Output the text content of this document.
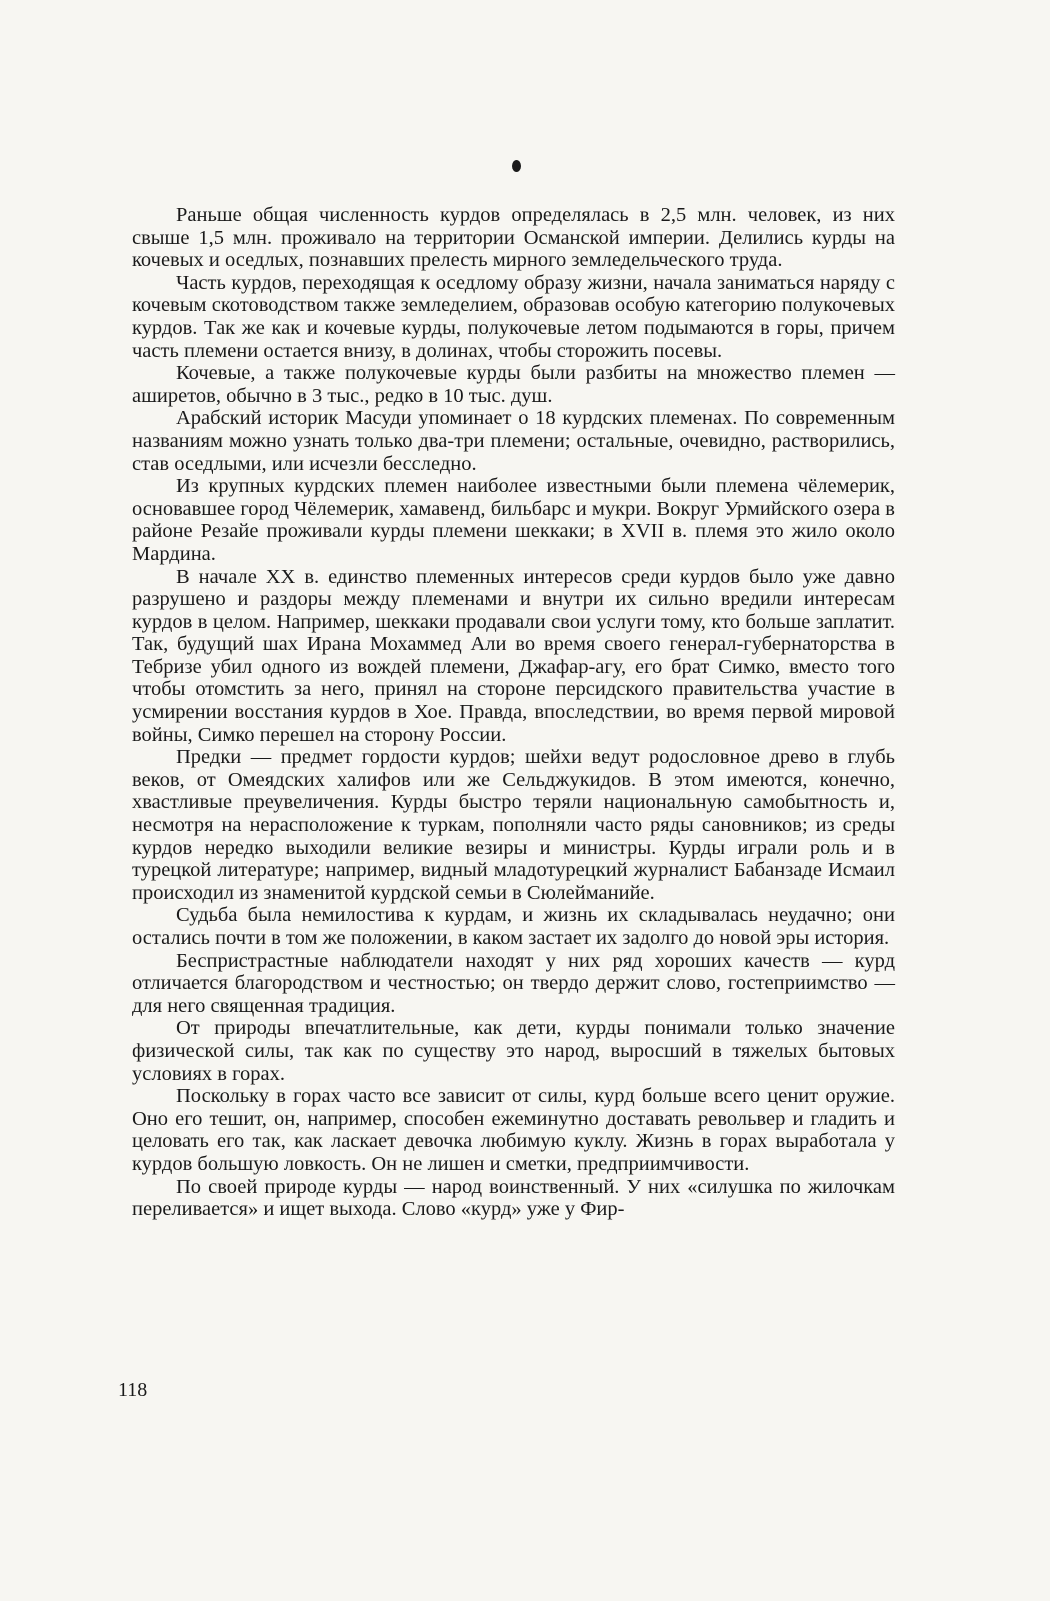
Раньше общая численность курдов определялась в 2,5 млн. человек, из них свыше 1,5 млн. проживало на территории Османской империи. Делились курды на кочевых и оседлых, познавших прелесть мирного земледельческого труда.

Часть курдов, переходящая к оседлому образу жизни, начала заниматься наряду с кочевым скотоводством также земледелием, образовав особую категорию полукочевых курдов. Так же как и кочевые курды, полукочевые летом подымаются в горы, причем часть племени остается внизу, в долинах, чтобы сторожить посевы.

Кочевые, а также полукочевые курды были разбиты на множество племен — аширетов, обычно в 3 тыс., редко в 10 тыс. душ.

Арабский историк Масуди упоминает о 18 курдских племенах. По современным названиям можно узнать только два-три племени; остальные, очевидно, растворились, став оседлыми, или исчезли бесследно.

Из крупных курдских племен наиболее известными были племена чёлемерик, основавшее город Чёлемерик, хамавенд, бильбарс и мукри. Вокруг Урмийского озера в районе Резайе проживали курды племени шеккаки; в XVII в. племя это жило около Мардина.

В начале XX в. единство племенных интересов среди курдов было уже давно разрушено и раздоры между племенами и внутри их сильно вредили интересам курдов в целом. Например, шеккаки продавали свои услуги тому, кто больше заплатит. Так, будущий шах Ирана Мохаммед Али во время своего генерал-губернаторства в Тебризе убил одного из вождей племени, Джафар-агу, его брат Симко, вместо того чтобы отомстить за него, принял на стороне персидского правительства участие в усмирении восстания курдов в Хое. Правда, впоследствии, во время первой мировой войны, Симко перешел на сторону России.

Предки — предмет гордости курдов; шейхи ведут родословное древо в глубь веков, от Омеядских халифов или же Сельджукидов. В этом имеются, конечно, хвастливые преувеличения. Курды быстро теряли национальную самобытность и, несмотря на нерасположение к туркам, пополняли часто ряды сановников; из среды курдов нередко выходили великие везиры и министры. Курды играли роль и в турецкой литературе; например, видный младотурецкий журналист Бабанзаде Исмаил происходил из знаменитой курдской семьи в Сюлейманийе.

Судьба была немилостива к курдам, и жизнь их складывалась неудачно; они остались почти в том же положении, в каком застает их задолго до новой эры история.

Беспристрастные наблюдатели находят у них ряд хороших качеств — курд отличается благородством и честностью; он твердо держит слово, гостеприимство — для него священная традиция.

От природы впечатлительные, как дети, курды понимали только значение физической силы, так как по существу это народ, выросший в тяжелых бытовых условиях в горах.

Поскольку в горах часто все зависит от силы, курд больше всего ценит оружие. Оно его тешит, он, например, способен ежеминутно доставать револьвер и гладить и целовать его так, как ласкает девочка любимую куклу. Жизнь в горах выработала у курдов большую ловкость. Он не лишен и сметки, предприимчивости.

По своей природе курды — народ воинственный. У них «силушка по жилочкам переливается» и ищет выхода. Слово «курд» уже у Фир-

118
